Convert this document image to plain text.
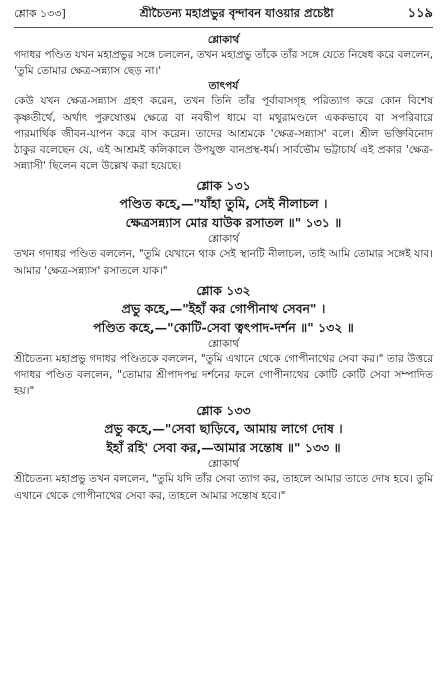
শ্লোক ১৩৩]	শ্রীচৈতন্য মহাপ্রভুর বৃন্দাবন যাওয়ার প্রচেষ্টা	১১৯

শ্লোকার্থ

গদাধর পণ্ডিত যখন মহাপ্রভুর সঙ্গে চললেন, তখন মহাপ্রভু তাঁকে তাঁর সঙ্গে যেতে নিষেধ করে বললেন, 'তুমি তোমার ক্ষেত্র-সন্ন্যাস ছেড় না।'

তাৎপর্য

কেউ যখন ক্ষেত্র-সন্ন্যাস গ্রহণ করেন, তখন তিনি তাঁর পূর্বাবাসগৃহ পরিত্যাগ করে কোন বিশেষ কৃষ্ণতীর্থে, অর্থাৎ পুরুষোত্তম ক্ষেত্রে বা নবদ্বীপ ধামে বা মথুরামণ্ডলে এককভাবে বা সপরিবারে পারমার্থিক জীবন-যাপন করে বাস করেন। তাদের আশ্রমকে 'ক্ষেত্র-সন্ন্যাস' বলে। শ্রীল ভক্তিবিনোদ ঠাকুর বলেছেন যে, এই আশ্রমই কলিকালে উপযুক্ত বানপ্রস্থ-ধর্ম। সার্বভৌম ভট্টাচার্য এই প্রকার 'ক্ষেত্র-সন্ন্যাসী' ছিলেন বলে উল্লেখ করা হয়েছে।

শ্লোক ১৩১

পণ্ডিত কহে,—"যাঁহা তুমি, সেই নীলাচল ।

ক্ষেত্রসন্ন্যাস মোর যাউক রসাতল ॥" ১৩১ ॥

শ্লোকার্থ

তখন গদাধর পণ্ডিত বললেন, "তুমি যেখানে থাক সেই স্থানটি নীলাচল, তাই আমি তোমার সঙ্গেই যাব। আমার 'ক্ষেত্র-সন্ন্যাস' রসাতলে যাক।"

শ্লোক ১৩২

প্রভু কহে,—"ইহাঁ কর গোপীনাথ সেবন" ।

পণ্ডিত কহে,—"কোটি-সেবা ত্বৎপাদ-দর্শন ॥" ১৩২ ॥

শ্লোকার্থ

শ্রীচৈতন্য মহাপ্রভু গদাধর পণ্ডিতকে বললেন, "তুমি এখানে থেকে গোপীনাথের সেবা কর।" তার উত্তরে গদাধর পণ্ডিত বললেন, "তোমার শ্রীপাদপদ্ম দর্শনের ফলে গোপীনাথের কোটি কোটি সেবা সম্পাদিত হয়।"

শ্লোক ১৩৩

প্রভু কহে,—"সেবা ছাড়িবে, আমায় লাগে দোষ ।

ইহাঁ রহি' সেবা কর,—আমার সন্তোষ ॥" ১৩৩ ॥

শ্লোকার্থ

শ্রীচৈতন্য মহাপ্রভু তখন বললেন, "তুমি যদি তাঁর সেবা ত্যাগ কর, তাহলে আমার তাতে দোষ হবে। তুমি এখানে থেকে গোপীনাথের সেবা কর, তাহলে আমার সন্তোষ হবে।"
